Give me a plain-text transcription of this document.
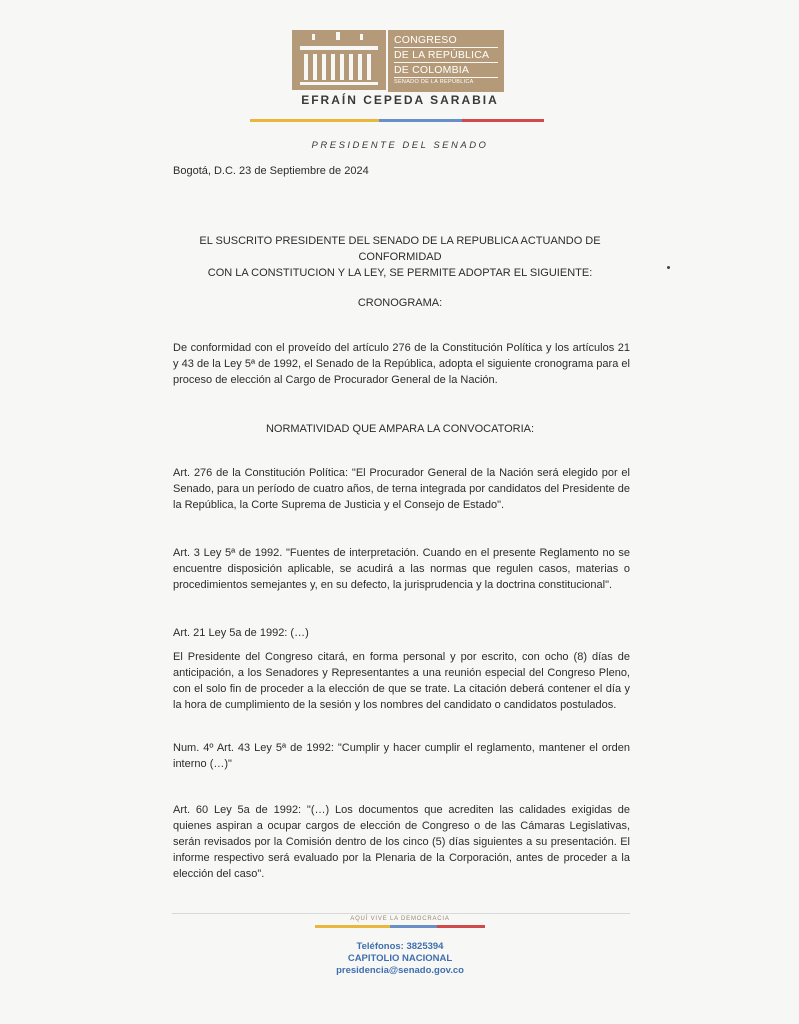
CONGRESO
DE LA REPÚBLICA
DE COLOMBIA
SENADO DE LA REPÚBLICA
EFRAÍN CEPEDA SARABIA
PRESIDENTE DEL SENADO
Bogotá, D.C. 23 de Septiembre de 2024
EL SUSCRITO PRESIDENTE DEL SENADO DE LA REPUBLICA ACTUANDO DE CONFORMIDAD
CON LA CONSTITUCION Y LA LEY, SE PERMITE ADOPTAR EL SIGUIENTE:
CRONOGRAMA:
De conformidad con el proveído del artículo 276 de la Constitución Política y los artículos 21 y 43 de la Ley 5ª de 1992, el Senado de la República, adopta el siguiente cronograma para el proceso de elección al Cargo de Procurador General de la Nación.
NORMATIVIDAD QUE AMPARA LA CONVOCATORIA:
Art. 276 de la Constitución Política: "El Procurador General de la Nación será elegido por el Senado, para un período de cuatro años, de terna integrada por candidatos del Presidente de la República, la Corte Suprema de Justicia y el Consejo de Estado".
Art. 3 Ley 5ª de 1992. "Fuentes de interpretación. Cuando en el presente Reglamento no se encuentre disposición aplicable, se acudirá a las normas que regulen casos, materias o procedimientos semejantes y, en su defecto, la jurisprudencia y la doctrina constitucional".
Art. 21 Ley 5a de 1992: (…)
El Presidente del Congreso citará, en forma personal y por escrito, con ocho (8) días de anticipación, a los Senadores y Representantes a una reunión especial del Congreso Pleno, con el solo fin de proceder a la elección de que se trate. La citación deberá contener el día y la hora de cumplimiento de la sesión y los nombres del candidato o candidatos postulados.
Num. 4º Art. 43 Ley 5ª de 1992: "Cumplir y hacer cumplir el reglamento, mantener el orden interno (…)"
Art. 60 Ley 5a de 1992: "(…) Los documentos que acrediten las calidades exigidas de quienes aspiran a ocupar cargos de elección de Congreso o de las Cámaras Legislativas, serán revisados por la Comisión dentro de los cinco (5) días siguientes a su presentación. El informe respectivo será evaluado por la Plenaria de la Corporación, antes de proceder a la elección del caso".
AQUÍ VIVE LA DEMOCRACIA
Teléfonos: 3825394
CAPITOLIO NACIONAL
presidencia@senado.gov.co
